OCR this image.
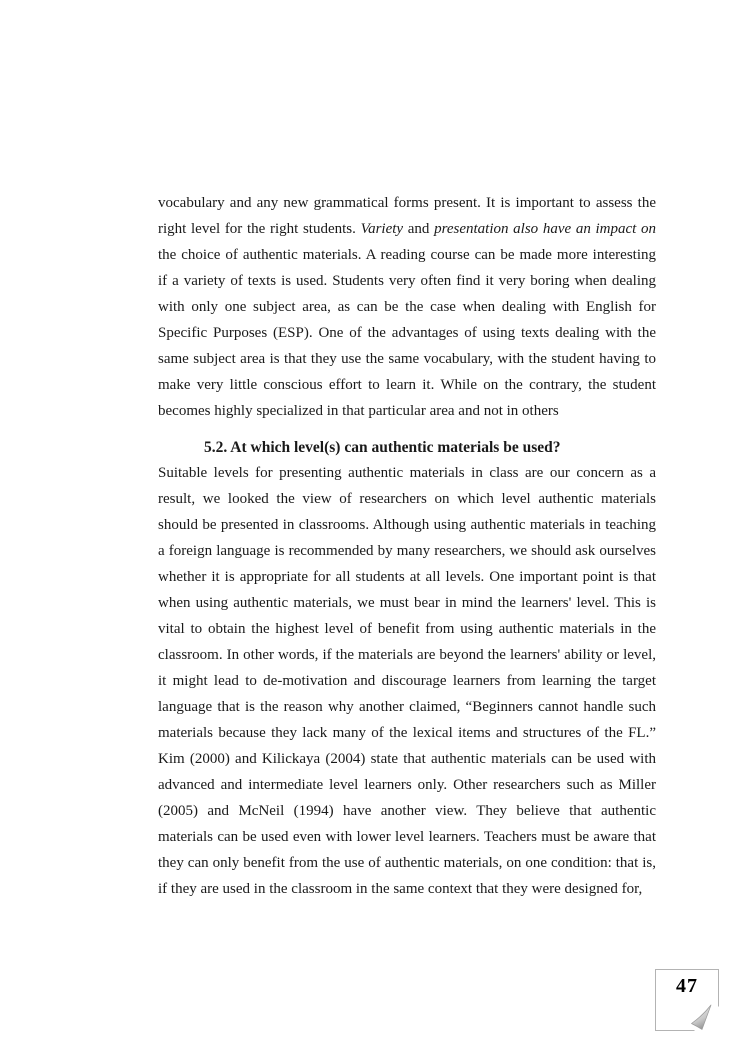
vocabulary and any new grammatical forms present. It is important to assess the
right level for the right students. Variety and presentation also have an impact on
the choice of authentic materials. A reading course can be made more interesting
if a variety of texts is used. Students very often find it very boring when dealing
with only one subject area, as can be the case when dealing with English for
Specific Purposes (ESP). One of the advantages of using texts dealing with the
same subject area is that they use the same vocabulary, with the student having to
make very little conscious effort to learn it. While on the contrary, the student
becomes highly specialized in that particular area and not in others
5.2. At which level(s) can authentic materials be used?
Suitable levels for presenting authentic materials in class are our concern as a
result, we looked the view of researchers on which level authentic materials
should be presented in classrooms. Although using authentic materials in teaching
a foreign language is recommended by many researchers, we should ask ourselves
whether it is appropriate for all students at all levels. One important point is that
when using authentic materials, we must bear in mind the learners' level. This is
vital to obtain the highest level of benefit from using authentic materials in the
classroom. In other words, if the materials are beyond the learners' ability or level,
it might lead to de-motivation and discourage learners from learning the target
language that is the reason why another claimed, “Beginners cannot handle such
materials because they lack many of the lexical items and structures of the FL.”
Kim (2000) and Kilickaya (2004) state that authentic materials can be used with
advanced and intermediate level learners only. Other researchers such as Miller
(2005) and McNeil (1994) have another view. They believe that authentic
materials can be used even with lower level learners. Teachers must be aware that
they can only benefit from the use of authentic materials, on one condition: that is,
if they are used in the classroom in the same context that they were designed for,
47
